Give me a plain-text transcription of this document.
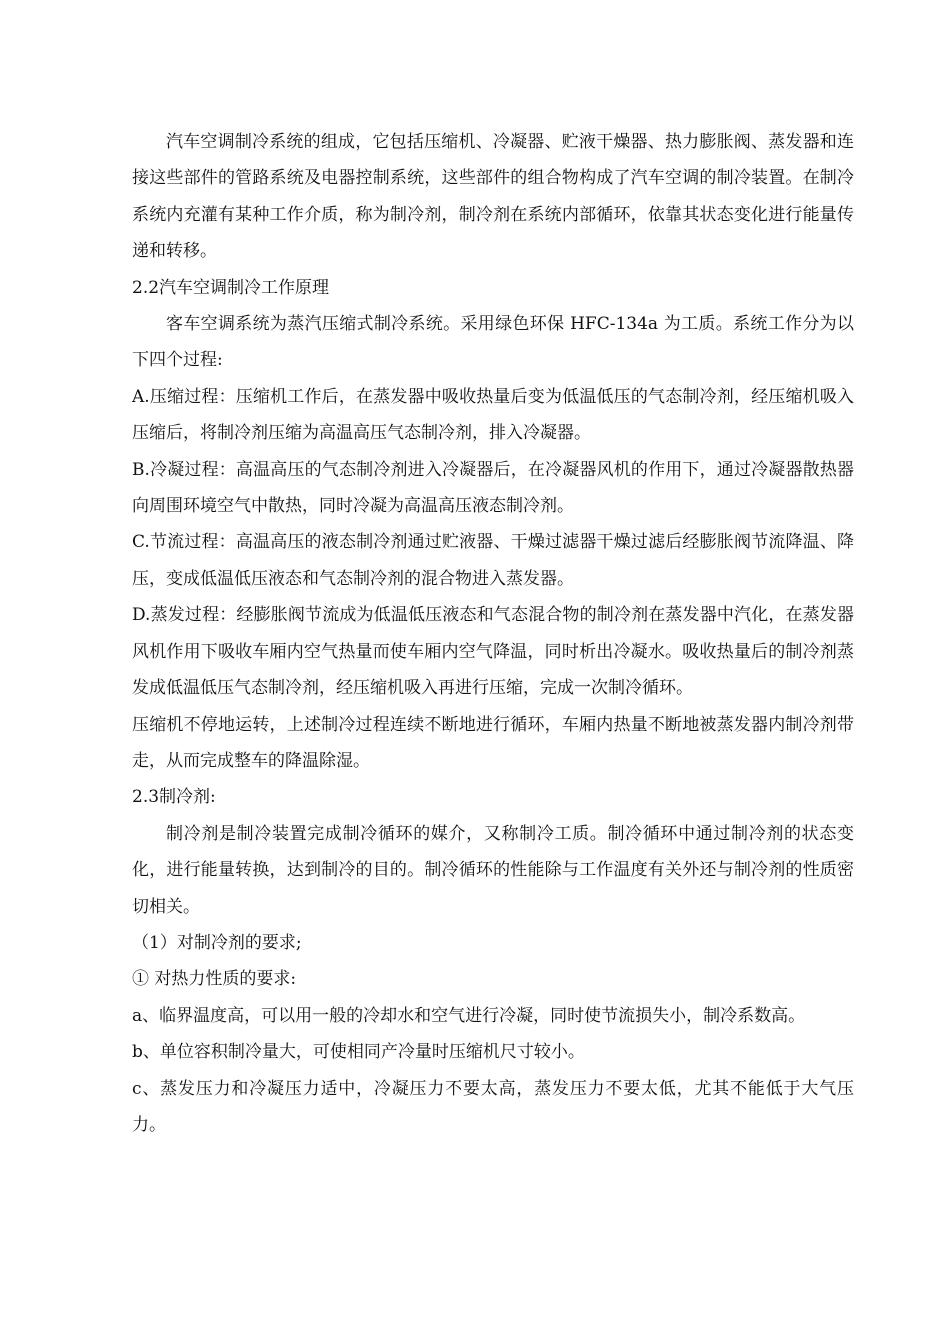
汽车空调制冷系统的组成，它包括压缩机、冷凝器、贮液干燥器、热力膨胀阀、蒸发器和连接这些部件的管路系统及电器控制系统，这些部件的组合物构成了汽车空调的制冷装置。在制冷系统内充灌有某种工作介质，称为制冷剂，制冷剂在系统内部循环，依靠其状态变化进行能量传递和转移。

2.2汽车空调制冷工作原理

客车空调系统为蒸汽压缩式制冷系统。采用绿色环保 HFC-134a 为工质。系统工作分为以下四个过程:

A.压缩过程：压缩机工作后，在蒸发器中吸收热量后变为低温低压的气态制冷剂，经压缩机吸入压缩后，将制冷剂压缩为高温高压气态制冷剂，排入冷凝器。

B.冷凝过程：高温高压的气态制冷剂进入冷凝器后，在冷凝器风机的作用下，通过冷凝器散热器向周围环境空气中散热，同时冷凝为高温高压液态制冷剂。

C.节流过程：高温高压的液态制冷剂通过贮液器、干燥过滤器干燥过滤后经膨胀阀节流降温、降压，变成低温低压液态和气态制冷剂的混合物进入蒸发器。

D.蒸发过程：经膨胀阀节流成为低温低压液态和气态混合物的制冷剂在蒸发器中汽化，在蒸发器风机作用下吸收车厢内空气热量而使车厢内空气降温，同时析出冷凝水。吸收热量后的制冷剂蒸发成低温低压气态制冷剂，经压缩机吸入再进行压缩，完成一次制冷循环。

压缩机不停地运转，上述制冷过程连续不断地进行循环，车厢内热量不断地被蒸发器内制冷剂带走，从而完成整车的降温除湿。

2.3制冷剂:

制冷剂是制冷装置完成制冷循环的媒介，又称制冷工质。制冷循环中通过制冷剂的状态变化，进行能量转换，达到制冷的目的。制冷循环的性能除与工作温度有关外还与制冷剂的性质密切相关。

（1）对制冷剂的要求;

① 对热力性质的要求:

a、临界温度高，可以用一般的冷却水和空气进行冷凝，同时使节流损失小，制冷系数高。

b、单位容积制冷量大，可使相同产冷量时压缩机尺寸较小。

c、蒸发压力和冷凝压力适中，冷凝压力不要太高，蒸发压力不要太低，尤其不能低于大气压力。
